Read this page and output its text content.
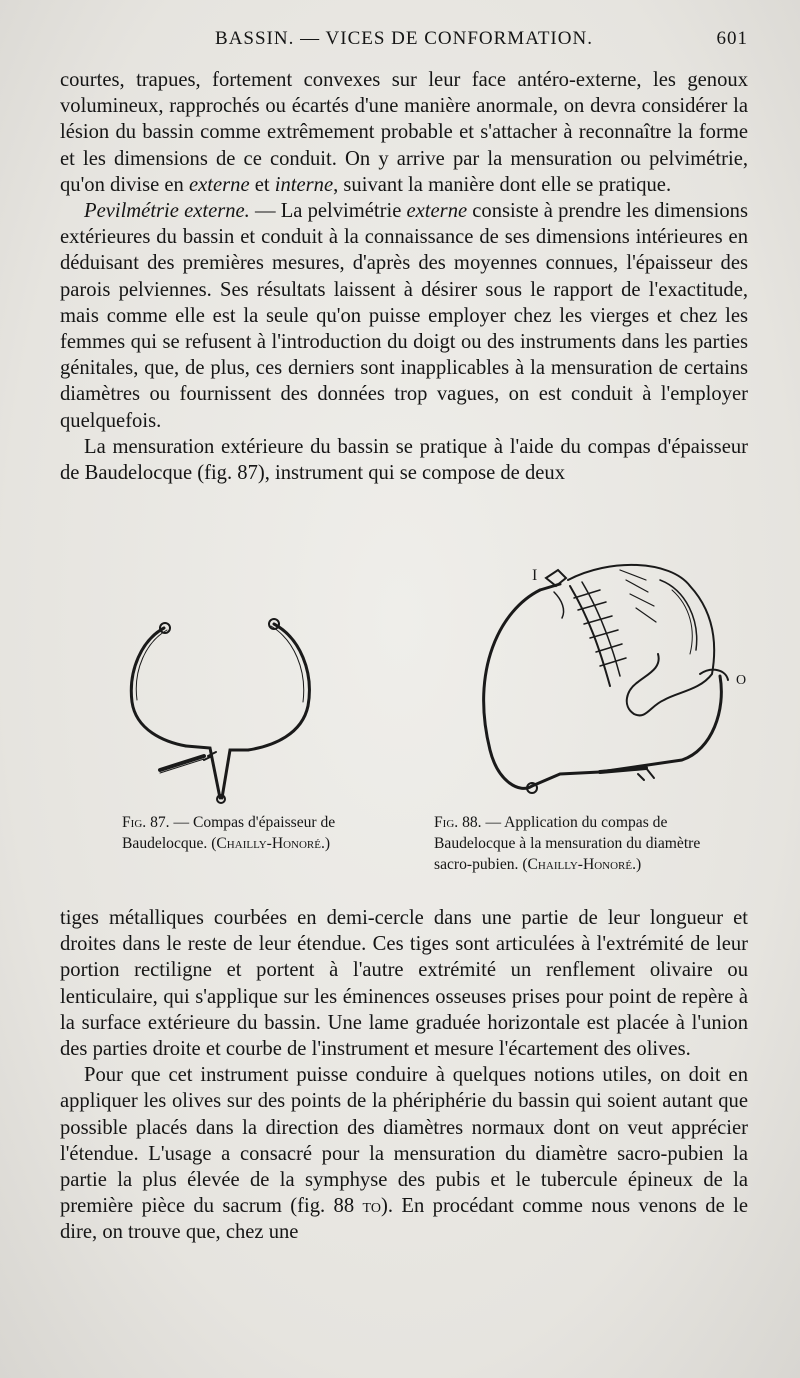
BASSIN. — VICES DE CONFORMATION.	601

courtes, trapues, fortement convexes sur leur face antéro-externe, les genoux volumineux, rapprochés ou écartés d'une manière anormale, on devra considérer la lésion du bassin comme extrêmement probable et s'attacher à reconnaître la forme et les dimensions de ce conduit. On y arrive par la mensuration ou pelvimétrie, qu'on divise en externe et interne, suivant la manière dont elle se pratique.

Pevilmétrie externe. — La pelvimétrie externe consiste à prendre les dimensions extérieures du bassin et conduit à la connaissance de ses dimensions intérieures en déduisant des premières mesures, d'après des moyennes connues, l'épaisseur des parois pelviennes. Ses résultats laissent à désirer sous le rapport de l'exactitude, mais comme elle est la seule qu'on puisse employer chez les vierges et chez les femmes qui se refusent à l'introduction du doigt ou des instruments dans les parties génitales, que, de plus, ces derniers sont inapplicables à la mensuration de certains diamètres ou fournissent des données trop vagues, on est conduit à l'employer quelquefois.

La mensuration extérieure du bassin se pratique à l'aide du compas d'épaisseur de Baudelocque (fig. 87), instrument qui se compose de deux

I
O
Fig. 87. — Compas d'épaisseur de Baudelocque. (Chailly-Honoré.)
Fig. 88. — Application du compas de Baudelocque à la mensuration du diamètre sacro-pubien. (Chailly-Honoré.)

tiges métalliques courbées en demi-cercle dans une partie de leur longueur et droites dans le reste de leur étendue. Ces tiges sont articulées à l'extrémité de leur portion rectiligne et portent à l'autre extrémité un renflement olivaire ou lenticulaire, qui s'applique sur les éminences osseuses prises pour point de repère à la surface extérieure du bassin. Une lame graduée horizontale est placée à l'union des parties droite et courbe de l'instrument et mesure l'écartement des olives.

Pour que cet instrument puisse conduire à quelques notions utiles, on doit en appliquer les olives sur des points de la phériphérie du bassin qui soient autant que possible placés dans la direction des diamètres normaux dont on veut apprécier l'étendue. L'usage a consacré pour la mensuration du diamètre sacro-pubien la partie la plus élevée de la symphyse des pubis et le tubercule épineux de la première pièce du sacrum (fig. 88 to). En procédant comme nous venons de le dire, on trouve que, chez une
